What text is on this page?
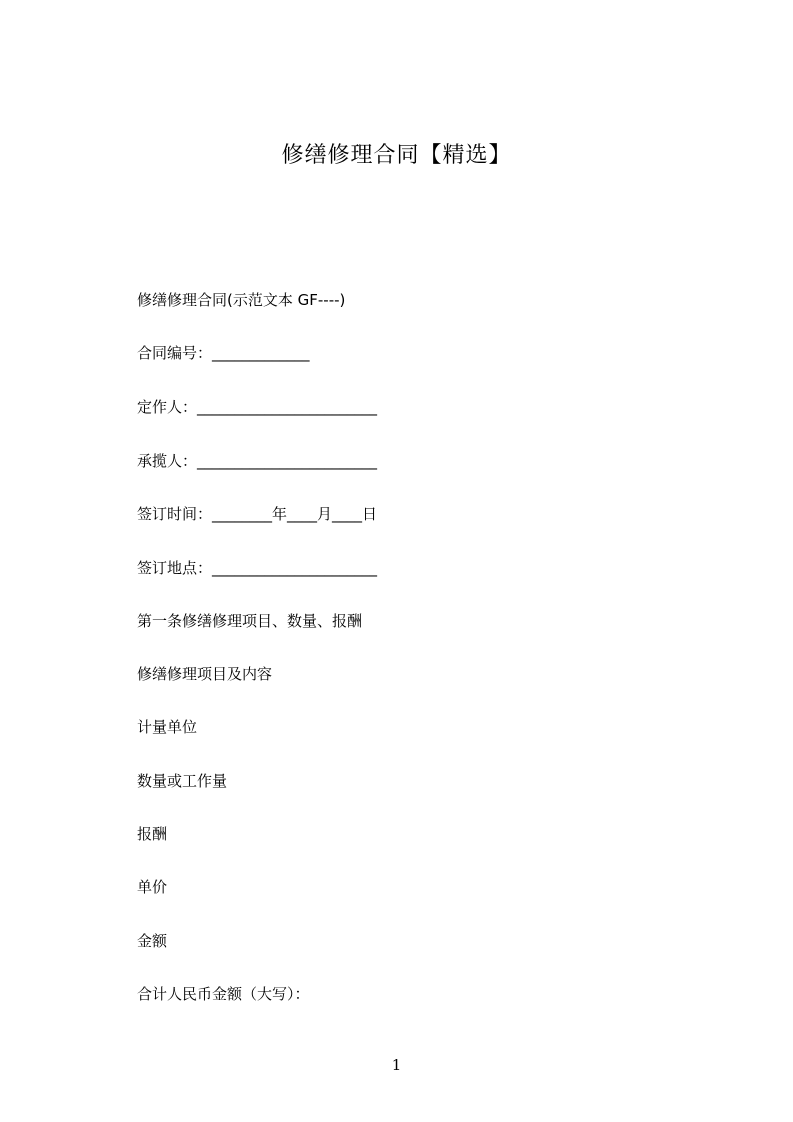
修缮修理合同【精选】
修缮修理合同(示范文本 GF----)
合同编号：_____________
定作人：________________________
承揽人：________________________
签订时间：________年____月____日
签订地点：______________________
第一条修缮修理项目、数量、报酬
修缮修理项目及内容
计量单位
数量或工作量
报酬
单价
金额
合计人民币金额（大写）：
1
